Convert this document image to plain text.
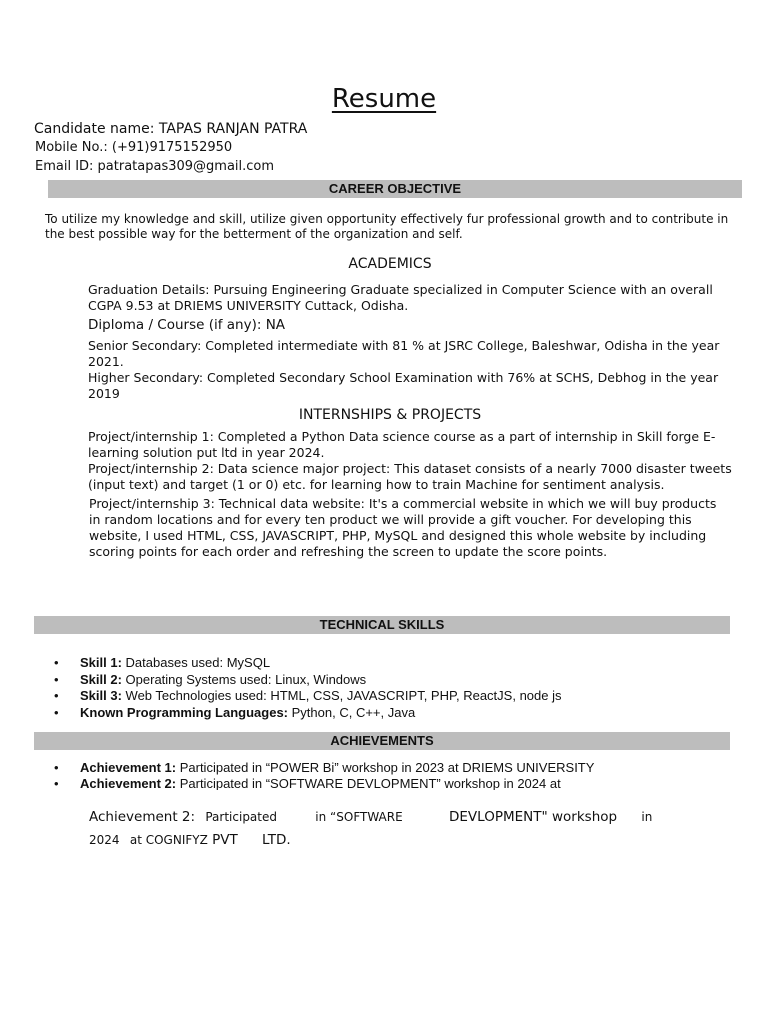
Resume
Candidate name: TAPAS RANJAN PATRA
Mobile No.: (+91)9175152950
Email ID: patratapas309@gmail.com
CAREER OBJECTIVE
To utilize my knowledge and skill, utilize given opportunity effectively fur professional growth and to contribute in the best possible way for the betterment of the organization and self.
ACADEMICS
Graduation Details: Pursuing Engineering Graduate specialized in Computer Science with an overall CGPA 9.53 at DRIEMS UNIVERSITY Cuttack, Odisha.
Diploma / Course (if any): NA
Senior Secondary: Completed intermediate with 81 % at JSRC College, Baleshwar, Odisha in the year 2021.
Higher Secondary: Completed Secondary School Examination with 76% at SCHS, Debhog in the year 2019
INTERNSHIPS & PROJECTS
Project/internship 1: Completed a Python Data science course as a part of internship in Skill forge E-learning solution put ltd in year 2024.
Project/internship 2: Data science major project: This dataset consists of a nearly 7000 disaster tweets (input text) and target (1 or 0) etc. for learning how to train Machine for sentiment analysis.
Project/internship 3: Technical data website: It's a commercial website in which we will buy products in random locations and for every ten product we will provide a gift voucher. For developing this website, I used HTML, CSS, JAVASCRIPT, PHP, MySQL and designed this whole website by including scoring points for each order and refreshing the screen to update the score points.
TECHNICAL SKILLS
• Skill 1: Databases used: MySQL
• Skill 2: Operating Systems used: Linux, Windows
• Skill 3: Web Technologies used: HTML, CSS, JAVASCRIPT, PHP, ReactJS, node js
• Known Programming Languages: Python, C, C++, Java
ACHIEVEMENTS
• Achievement 1: Participated in “POWER Bi” workshop in 2023 at DRIEMS UNIVERSITY
• Achievement 2: Participated in “SOFTWARE DEVLOPMENT” workshop in 2024 at
Achievement 2: Participated	in “SOFTWARE	DEVLOPMENT" workshop in
2024 at COGNIFYZ PVT LTD.
